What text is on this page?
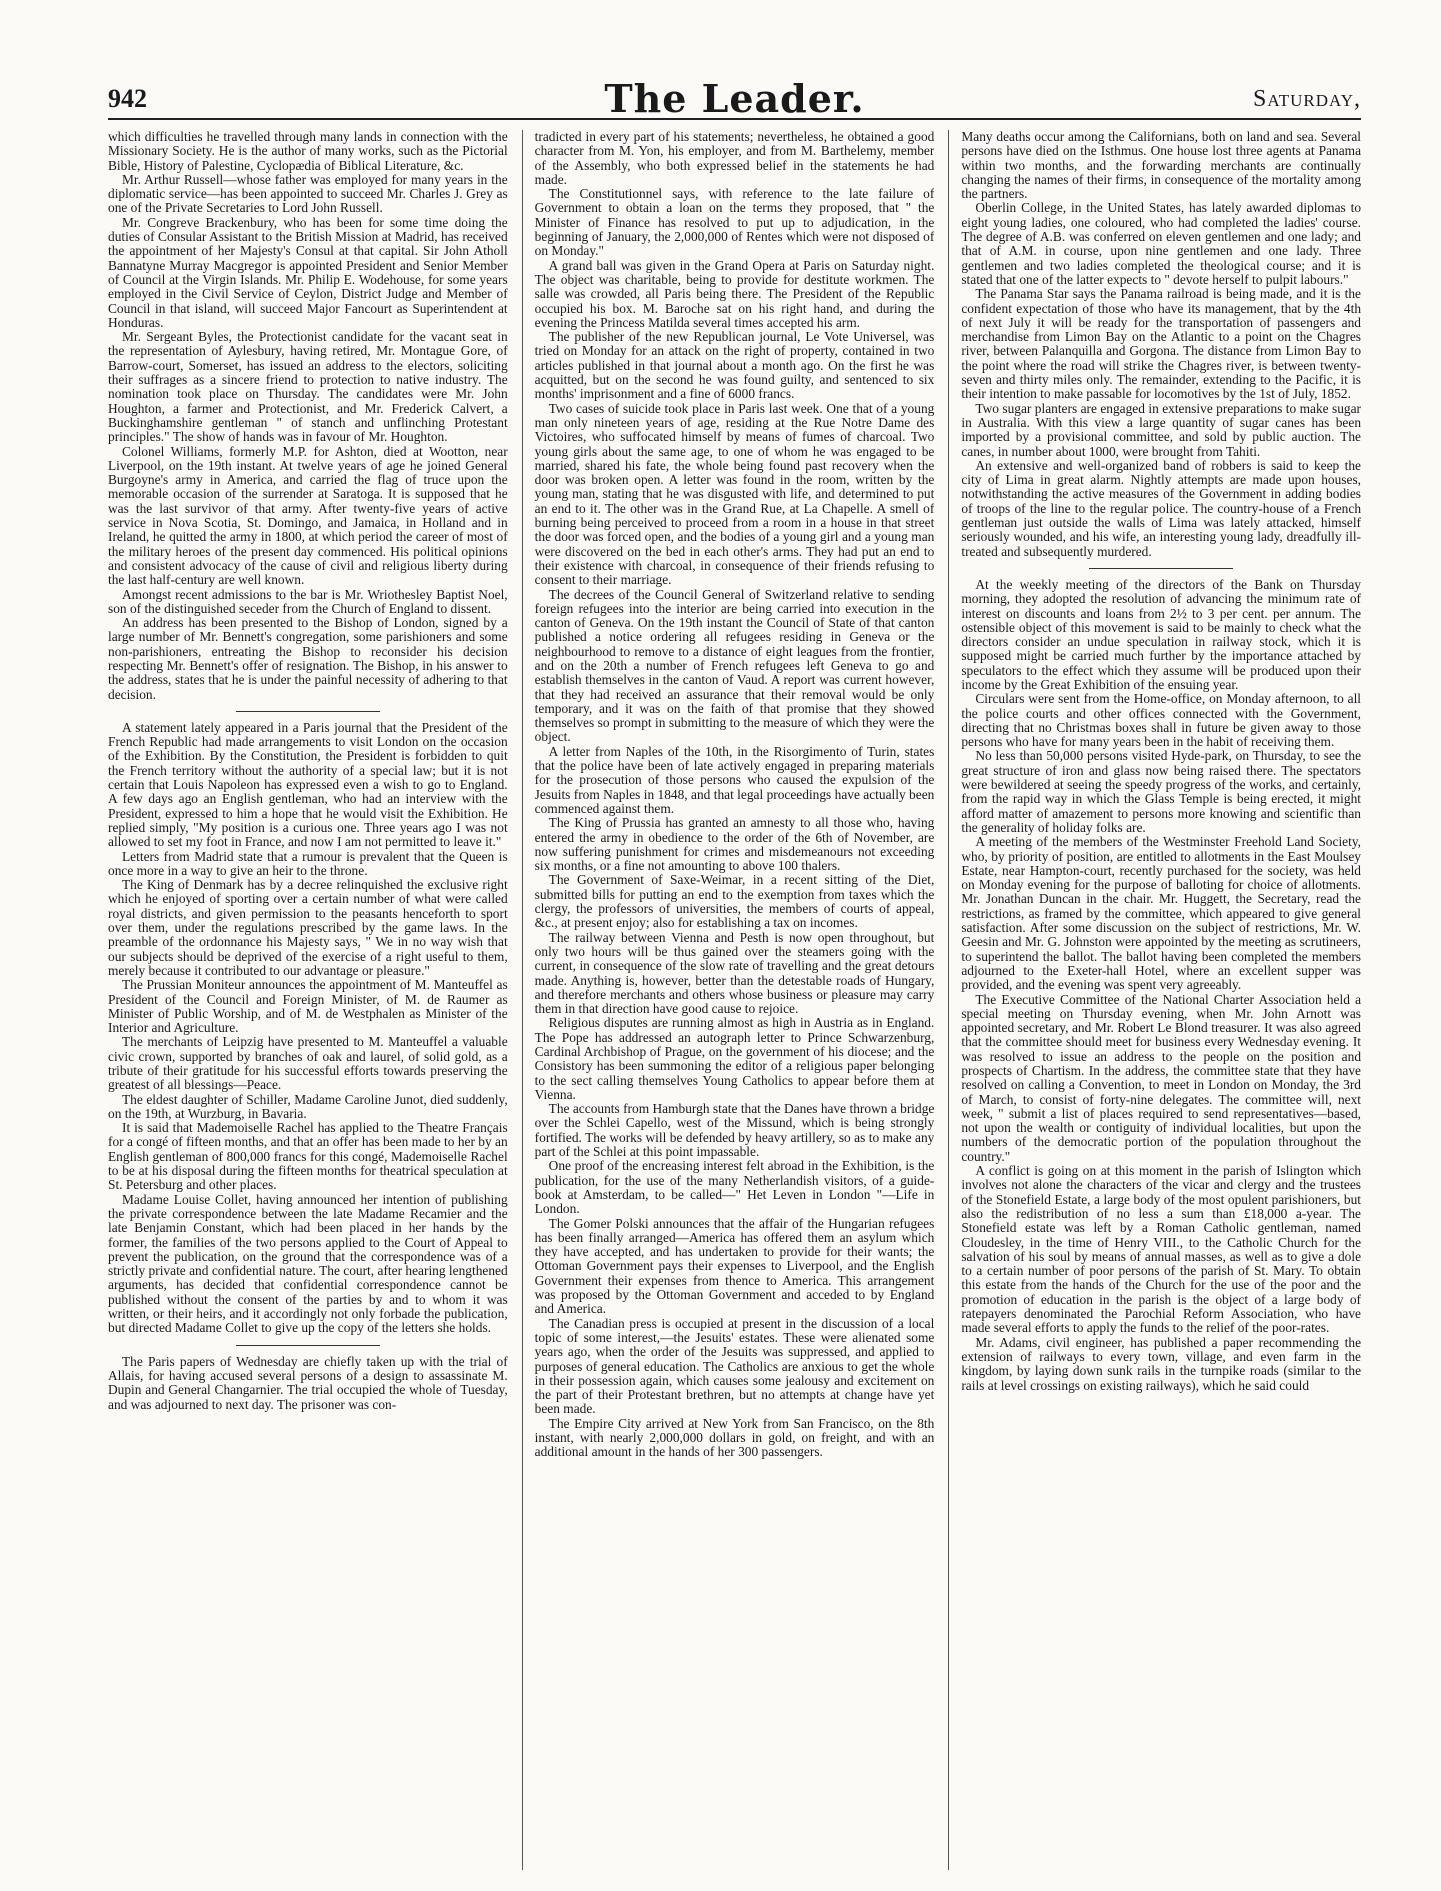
942	The Leader.	Saturday,

which difficulties he travelled through many lands in connection with the Missionary Society. He is the author of many works, such as the Pictorial Bible, History of Palestine, Cyclopædia of Biblical Literature, &c.

Mr. Arthur Russell—whose father was employed for many years in the diplomatic service—has been appointed to succeed Mr. Charles J. Grey as one of the Private Secretaries to Lord John Russell.

Mr. Congreve Brackenbury, who has been for some time doing the duties of Consular Assistant to the British Mission at Madrid, has received the appointment of her Majesty's Consul at that capital. Sir John Atholl Bannatyne Murray Macgregor is appointed President and Senior Member of Council at the Virgin Islands. Mr. Philip E. Wodehouse, for some years employed in the Civil Service of Ceylon, District Judge and Member of Council in that island, will succeed Major Fancourt as Superintendent at Honduras.

Mr. Sergeant Byles, the Protectionist candidate for the vacant seat in the representation of Aylesbury, having retired, Mr. Montague Gore, of Barrow-court, Somerset, has issued an address to the electors, soliciting their suffrages as a sincere friend to protection to native industry. The nomination took place on Thursday. The candidates were Mr. John Houghton, a farmer and Protectionist, and Mr. Frederick Calvert, a Buckinghamshire gentleman " of stanch and unflinching Protestant principles." The show of hands was in favour of Mr. Houghton.

Colonel Williams, formerly M.P. for Ashton, died at Wootton, near Liverpool, on the 19th instant. At twelve years of age he joined General Burgoyne's army in America, and carried the flag of truce upon the memorable occasion of the surrender at Saratoga. It is supposed that he was the last survivor of that army. After twenty-five years of active service in Nova Scotia, St. Domingo, and Jamaica, in Holland and in Ireland, he quitted the army in 1800, at which period the career of most of the military heroes of the present day commenced. His political opinions and consistent advocacy of the cause of civil and religious liberty during the last half-century are well known.

Amongst recent admissions to the bar is Mr. Wriothesley Baptist Noel, son of the distinguished seceder from the Church of England to dissent.

An address has been presented to the Bishop of London, signed by a large number of Mr. Bennett's congregation, some parishioners and some non-parishioners, entreating the Bishop to reconsider his decision respecting Mr. Bennett's offer of resignation. The Bishop, in his answer to the address, states that he is under the painful necessity of adhering to that decision.

A statement lately appeared in a Paris journal that the President of the French Republic had made arrangements to visit London on the occasion of the Exhibition. By the Constitution, the President is forbidden to quit the French territory without the authority of a special law; but it is not certain that Louis Napoleon has expressed even a wish to go to England. A few days ago an English gentleman, who had an interview with the President, expressed to him a hope that he would visit the Exhibition. He replied simply, "My position is a curious one. Three years ago I was not allowed to set my foot in France, and now I am not permitted to leave it."

Letters from Madrid state that a rumour is prevalent that the Queen is once more in a way to give an heir to the throne.

The King of Denmark has by a decree relinquished the exclusive right which he enjoyed of sporting over a certain number of what were called royal districts, and given permission to the peasants henceforth to sport over them, under the regulations prescribed by the game laws. In the preamble of the ordonnance his Majesty says, " We in no way wish that our subjects should be deprived of the exercise of a right useful to them, merely because it contributed to our advantage or pleasure."

The Prussian Moniteur announces the appointment of M. Manteuffel as President of the Council and Foreign Minister, of M. de Raumer as Minister of Public Worship, and of M. de Westphalen as Minister of the Interior and Agriculture.

The merchants of Leipzig have presented to M. Manteuffel a valuable civic crown, supported by branches of oak and laurel, of solid gold, as a tribute of their gratitude for his successful efforts towards preserving the greatest of all blessings—Peace.

The eldest daughter of Schiller, Madame Caroline Junot, died suddenly, on the 19th, at Wurzburg, in Bavaria.

It is said that Mademoiselle Rachel has applied to the Theatre Français for a congé of fifteen months, and that an offer has been made to her by an English gentleman of 800,000 francs for this congé, Mademoiselle Rachel to be at his disposal during the fifteen months for theatrical speculation at St. Petersburg and other places.

Madame Louise Collet, having announced her intention of publishing the private correspondence between the late Madame Recamier and the late Benjamin Constant, which had been placed in her hands by the former, the families of the two persons applied to the Court of Appeal to prevent the publication, on the ground that the correspondence was of a strictly private and confidential nature. The court, after hearing lengthened arguments, has decided that confidential correspondence cannot be published without the consent of the parties by and to whom it was written, or their heirs, and it accordingly not only forbade the publication, but directed Madame Collet to give up the copy of the letters she holds.

The Paris papers of Wednesday are chiefly taken up with the trial of Allais, for having accused several persons of a design to assassinate M. Dupin and General Changarnier. The trial occupied the whole of Tuesday, and was adjourned to next day. The prisoner was con-

tradicted in every part of his statements; nevertheless, he obtained a good character from M. Yon, his employer, and from M. Barthelemy, member of the Assembly, who both expressed belief in the statements he had made.

The Constitutionnel says, with reference to the late failure of Government to obtain a loan on the terms they proposed, that " the Minister of Finance has resolved to put up to adjudication, in the beginning of January, the 2,000,000 of Rentes which were not disposed of on Monday."

A grand ball was given in the Grand Opera at Paris on Saturday night. The object was charitable, being to provide for destitute workmen. The salle was crowded, all Paris being there. The President of the Republic occupied his box. M. Baroche sat on his right hand, and during the evening the Princess Matilda several times accepted his arm.

The publisher of the new Republican journal, Le Vote Universel, was tried on Monday for an attack on the right of property, contained in two articles published in that journal about a month ago. On the first he was acquitted, but on the second he was found guilty, and sentenced to six months' imprisonment and a fine of 6000 francs.

Two cases of suicide took place in Paris last week. One that of a young man only nineteen years of age, residing at the Rue Notre Dame des Victoires, who suffocated himself by means of fumes of charcoal. Two young girls about the same age, to one of whom he was engaged to be married, shared his fate, the whole being found past recovery when the door was broken open. A letter was found in the room, written by the young man, stating that he was disgusted with life, and determined to put an end to it. The other was in the Grand Rue, at La Chapelle. A smell of burning being perceived to proceed from a room in a house in that street the door was forced open, and the bodies of a young girl and a young man were discovered on the bed in each other's arms. They had put an end to their existence with charcoal, in consequence of their friends refusing to consent to their marriage.

The decrees of the Council General of Switzerland relative to sending foreign refugees into the interior are being carried into execution in the canton of Geneva. On the 19th instant the Council of State of that canton published a notice ordering all refugees residing in Geneva or the neighbourhood to remove to a distance of eight leagues from the frontier, and on the 20th a number of French refugees left Geneva to go and establish themselves in the canton of Vaud. A report was current however, that they had received an assurance that their removal would be only temporary, and it was on the faith of that promise that they showed themselves so prompt in submitting to the measure of which they were the object.

A letter from Naples of the 10th, in the Risorgimento of Turin, states that the police have been of late actively engaged in preparing materials for the prosecution of those persons who caused the expulsion of the Jesuits from Naples in 1848, and that legal proceedings have actually been commenced against them.

The King of Prussia has granted an amnesty to all those who, having entered the army in obedience to the order of the 6th of November, are now suffering punishment for crimes and misdemeanours not exceeding six months, or a fine not amounting to above 100 thalers.

The Government of Saxe-Weimar, in a recent sitting of the Diet, submitted bills for putting an end to the exemption from taxes which the clergy, the professors of universities, the members of courts of appeal, &c., at present enjoy; also for establishing a tax on incomes.

The railway between Vienna and Pesth is now open throughout, but only two hours will be thus gained over the steamers going with the current, in consequence of the slow rate of travelling and the great detours made. Anything is, however, better than the detestable roads of Hungary, and therefore merchants and others whose business or pleasure may carry them in that direction have good cause to rejoice.

Religious disputes are running almost as high in Austria as in England. The Pope has addressed an autograph letter to Prince Schwarzenburg, Cardinal Archbishop of Prague, on the government of his diocese; and the Consistory has been summoning the editor of a religious paper belonging to the sect calling themselves Young Catholics to appear before them at Vienna.

The accounts from Hamburgh state that the Danes have thrown a bridge over the Schlei Capello, west of the Missund, which is being strongly fortified. The works will be defended by heavy artillery, so as to make any part of the Schlei at this point impassable.

One proof of the encreasing interest felt abroad in the Exhibition, is the publication, for the use of the many Netherlandish visitors, of a guide-book at Amsterdam, to be called—" Het Leven in London "—Life in London.

The Gomer Polski announces that the affair of the Hungarian refugees has been finally arranged—America has offered them an asylum which they have accepted, and has undertaken to provide for their wants; the Ottoman Government pays their expenses to Liverpool, and the English Government their expenses from thence to America. This arrangement was proposed by the Ottoman Government and acceded to by England and America.

The Canadian press is occupied at present in the discussion of a local topic of some interest,—the Jesuits' estates. These were alienated some years ago, when the order of the Jesuits was suppressed, and applied to purposes of general education. The Catholics are anxious to get the whole in their possession again, which causes some jealousy and excitement on the part of their Protestant brethren, but no attempts at change have yet been made.

The Empire City arrived at New York from San Francisco, on the 8th instant, with nearly 2,000,000 dollars in gold, on freight, and with an additional amount in the hands of her 300 passengers.

Many deaths occur among the Californians, both on land and sea. Several persons have died on the Isthmus. One house lost three agents at Panama within two months, and the forwarding merchants are continually changing the names of their firms, in consequence of the mortality among the partners.

Oberlin College, in the United States, has lately awarded diplomas to eight young ladies, one coloured, who had completed the ladies' course. The degree of A.B. was conferred on eleven gentlemen and one lady; and that of A.M. in course, upon nine gentlemen and one lady. Three gentlemen and two ladies completed the theological course; and it is stated that one of the latter expects to " devote herself to pulpit labours."

The Panama Star says the Panama railroad is being made, and it is the confident expectation of those who have its management, that by the 4th of next July it will be ready for the transportation of passengers and merchandise from Limon Bay on the Atlantic to a point on the Chagres river, between Palanquilla and Gorgona. The distance from Limon Bay to the point where the road will strike the Chagres river, is between twenty-seven and thirty miles only. The remainder, extending to the Pacific, it is their intention to make passable for locomotives by the 1st of July, 1852.

Two sugar planters are engaged in extensive preparations to make sugar in Australia. With this view a large quantity of sugar canes has been imported by a provisional committee, and sold by public auction. The canes, in number about 1000, were brought from Tahiti.

An extensive and well-organized band of robbers is said to keep the city of Lima in great alarm. Nightly attempts are made upon houses, notwithstanding the active measures of the Government in adding bodies of troops of the line to the regular police. The country-house of a French gentleman just outside the walls of Lima was lately attacked, himself seriously wounded, and his wife, an interesting young lady, dreadfully ill-treated and subsequently murdered.

At the weekly meeting of the directors of the Bank on Thursday morning, they adopted the resolution of advancing the minimum rate of interest on discounts and loans from 2½ to 3 per cent. per annum. The ostensible object of this movement is said to be mainly to check what the directors consider an undue speculation in railway stock, which it is supposed might be carried much further by the importance attached by speculators to the effect which they assume will be produced upon their income by the Great Exhibition of the ensuing year.

Circulars were sent from the Home-office, on Monday afternoon, to all the police courts and other offices connected with the Government, directing that no Christmas boxes shall in future be given away to those persons who have for many years been in the habit of receiving them.

No less than 50,000 persons visited Hyde-park, on Thursday, to see the great structure of iron and glass now being raised there. The spectators were bewildered at seeing the speedy progress of the works, and certainly, from the rapid way in which the Glass Temple is being erected, it might afford matter of amazement to persons more knowing and scientific than the generality of holiday folks are.

A meeting of the members of the Westminster Freehold Land Society, who, by priority of position, are entitled to allotments in the East Moulsey Estate, near Hampton-court, recently purchased for the society, was held on Monday evening for the purpose of balloting for choice of allotments. Mr. Jonathan Duncan in the chair. Mr. Huggett, the Secretary, read the restrictions, as framed by the committee, which appeared to give general satisfaction. After some discussion on the subject of restrictions, Mr. W. Geesin and Mr. G. Johnston were appointed by the meeting as scrutineers, to superintend the ballot. The ballot having been completed the members adjourned to the Exeter-hall Hotel, where an excellent supper was provided, and the evening was spent very agreeably.

The Executive Committee of the National Charter Association held a special meeting on Thursday evening, when Mr. John Arnott was appointed secretary, and Mr. Robert Le Blond treasurer. It was also agreed that the committee should meet for business every Wednesday evening. It was resolved to issue an address to the people on the position and prospects of Chartism. In the address, the committee state that they have resolved on calling a Convention, to meet in London on Monday, the 3rd of March, to consist of forty-nine delegates. The committee will, next week, " submit a list of places required to send representatives—based, not upon the wealth or contiguity of individual localities, but upon the numbers of the democratic portion of the population throughout the country."

A conflict is going on at this moment in the parish of Islington which involves not alone the characters of the vicar and clergy and the trustees of the Stonefield Estate, a large body of the most opulent parishioners, but also the redistribution of no less a sum than £18,000 a-year. The Stonefield estate was left by a Roman Catholic gentleman, named Cloudesley, in the time of Henry VIII., to the Catholic Church for the salvation of his soul by means of annual masses, as well as to give a dole to a certain number of poor persons of the parish of St. Mary. To obtain this estate from the hands of the Church for the use of the poor and the promotion of education in the parish is the object of a large body of ratepayers denominated the Parochial Reform Association, who have made several efforts to apply the funds to the relief of the poor-rates.

Mr. Adams, civil engineer, has published a paper recommending the extension of railways to every town, village, and even farm in the kingdom, by laying down sunk rails in the turnpike roads (similar to the rails at level crossings on existing railways), which he said could
